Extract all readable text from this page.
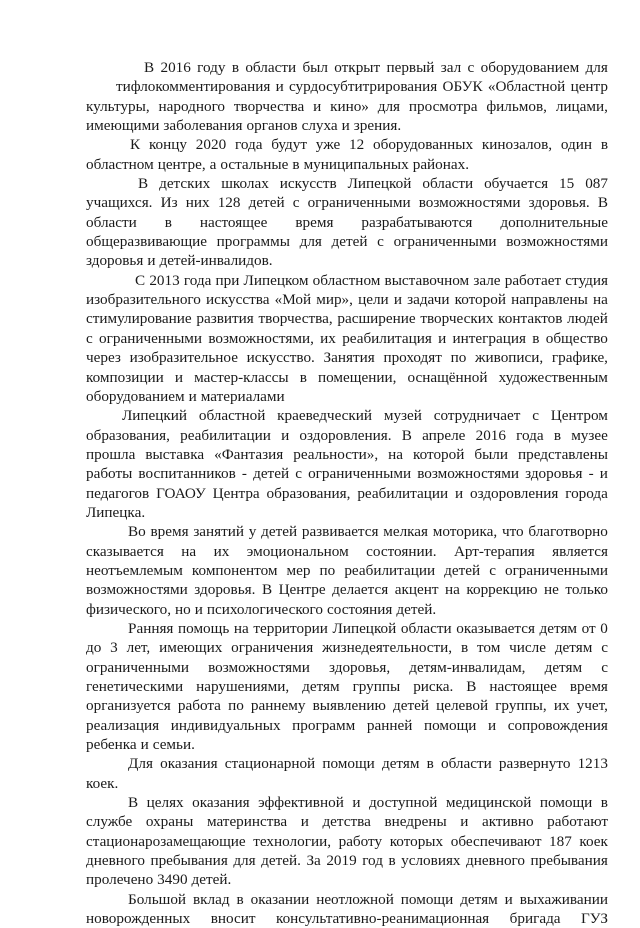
В 2016 году в области был открыт первый зал с оборудованием для
тифлокомментирования и сурдосубтитрирования ОБУК «Областной центр
культуры, народного творчества и кино» для просмотра фильмов, лицами,
имеющими заболевания органов слуха и зрения.
К концу 2020 года будут уже 12 оборудованных кинозалов, один в
областном центре, а остальные в муниципальных районах.
В детских школах искусств Липецкой области обучается 15 087
учащихся. Из них 128 детей с ограниченными возможностями здоровья. В
области в настоящее время разрабатываются дополнительные
общеразвивающие программы для детей с ограниченными возможностями
здоровья и детей-инвалидов.
С 2013 года при Липецком областном выставочном зале работает студия
изобразительного искусства «Мой мир», цели и задачи которой направлены на
стимулирование развития творчества, расширение творческих контактов людей
с ограниченными возможностями, их реабилитация и интеграция в общество
через изобразительное искусство. Занятия проходят по живописи, графике,
композиции и мастер-классы в помещении, оснащённой художественным
оборудованием и материалами
Липецкий областной краеведческий музей сотрудничает с Центром
образования, реабилитации и оздоровления. В апреле 2016 года в музее
прошла выставка «Фантазия реальности», на которой были представлены
работы воспитанников - детей с ограниченными возможностями здоровья - и
педагогов ГОАОУ Центра образования, реабилитации и оздоровления города
Липецка.
Во время занятий у детей развивается мелкая моторика, что благотворно
сказывается на их эмоциональном состоянии. Арт-терапия является
неотъемлемым компонентом мер по реабилитации детей с ограниченными
возможностями здоровья. В Центре делается акцент на коррекцию не только
физического, но и психологического состояния детей.
Ранняя помощь на территории Липецкой области оказывается детям от 0
до 3 лет, имеющих ограничения жизнедеятельности, в том числе детям с
ограниченными возможностями здоровья, детям-инвалидам, детям с
генетическими нарушениями, детям группы риска. В настоящее время
организуется работа по раннему выявлению детей целевой группы, их учет,
реализация индивидуальных программ ранней помощи и сопровождения
ребенка и семьи.
Для оказания стационарной помощи детям в области развернуто 1213
коек.
В целях оказания эффективной и доступной медицинской помощи в
службе охраны материнства и детства внедрены и активно работают
стационарозамещающие технологии, работу которых обеспечивают 187 коек
дневного пребывания для детей. За 2019 год в условиях дневного пребывания
пролечено 3490 детей.
Большой вклад в оказании неотложной помощи детям и выхаживании
новорожденных вносит консультативно-реанимационная бригада ГУЗ
